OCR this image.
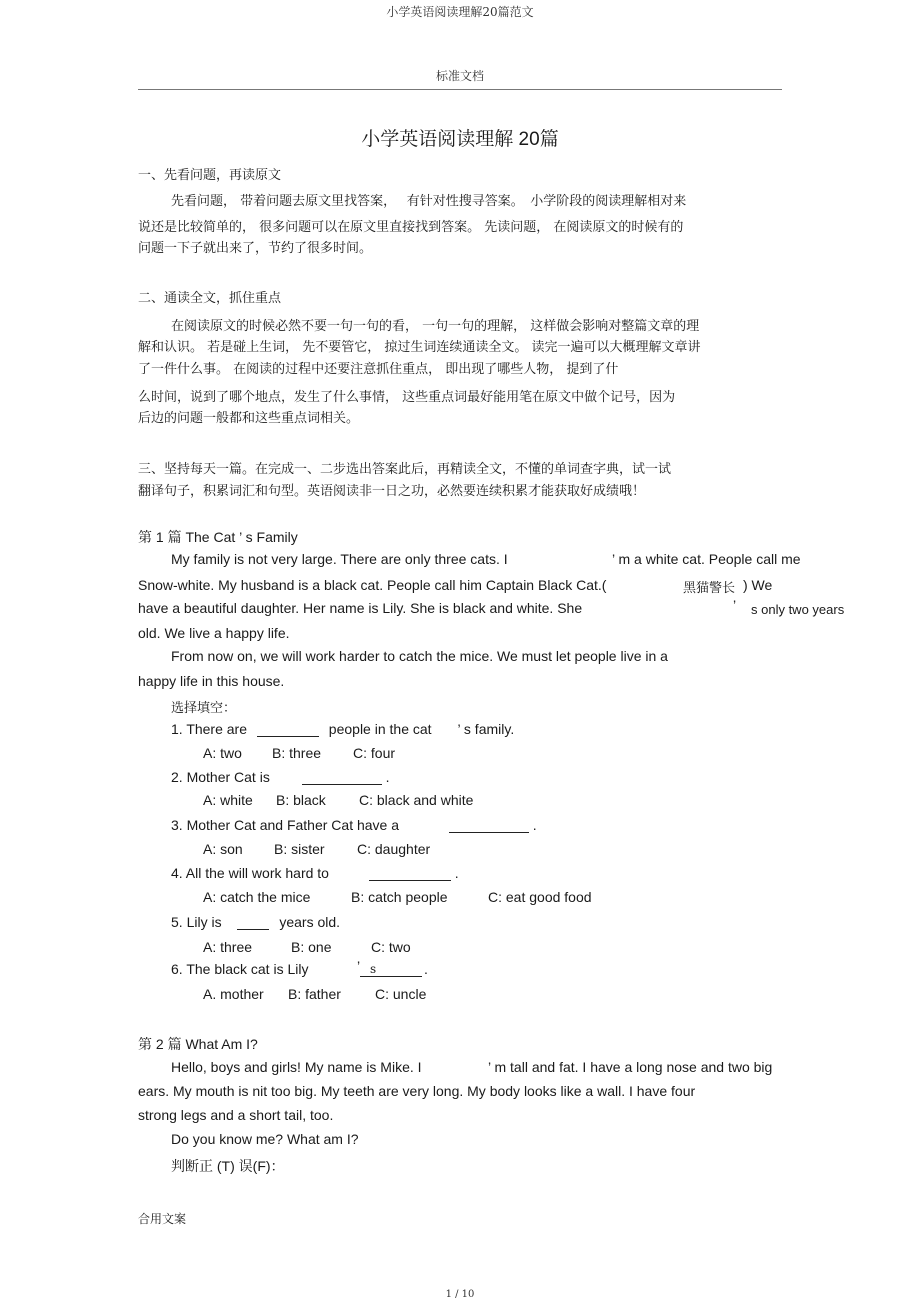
小学英语阅读理解20篇范文
标准文档
小学英语阅读理解 20篇
一、先看问题，再读原文
先看问题， 带着问题去原文里找答案，　 有针对性搜寻答案。　小学阶段的阅读理解相对来
说还是比较简单的， 很多问题可以在原文里直接找到答案。 先读问题， 在阅读原文的时候有的
问题一下子就出来了，节约了很多时间。
二、通读全文，抓住重点
在阅读原文的时候必然不要一句一句的看， 一句一句的理解， 这样做会影响对整篇文章的理
解和认识。 若是碰上生词， 先不要管它， 掠过生词连续通读全文。 读完一遍可以大概理解文章讲
了一件什么事。 在阅读的过程中还要注意抓住重点， 即出现了哪些人物， 提到了什
么时间，说到了哪个地点，发生了什么事情， 这些重点词最好能用笔在原文中做个记号，因为
后边的问题一般都和这些重点词相关。
三、坚持每天一篇。在完成一、二步选出答案此后，再精读全文，不懂的单词查字典，试一试
翻译句子，积累词汇和句型。英语阅读非一日之功，必然要连续积累才能获取好成绩哦！
第 1 篇 The Cat ’ s Family
My family is not very large. There are only three cats. I	’ m a white cat. People call me
Snow-white. My husband is a black cat. People call him Captain Black Cat.(	黑猫警长 ) We
have a beautiful daughter. Her name is Lily. She is black and white. She	’ s only two years
old. We live a happy life.
From now on, we will work harder to catch the mice. We must let people live in a
happy life in this house.
选择填空：
1. There are	people in the cat ’ s family.
A: two B: three C: four
2. Mother Cat is	.
A: white B: black C: black and white
3. Mother Cat and Father Cat have a	.
A: son B: sister C: daughter
4. All the will work hard to	.
A: catch the mice	B: catch people	C: eat good food
5. Lily is	years old.
A: three	B: one	C: two
6. The black cat is Lily	’ s	.
A. mother B: father C: uncle
第 2 篇 What Am I?
Hello, boys and girls! My name is Mike. I	’ m tall and fat. I have a long nose and two big
ears. My mouth is nit too big. My teeth are very long. My body looks like a wall. I have four
strong legs and a short tail, too.
Do you know me? What am I?
判断正 (T) 误(F)：
合用文案
1 / 10
